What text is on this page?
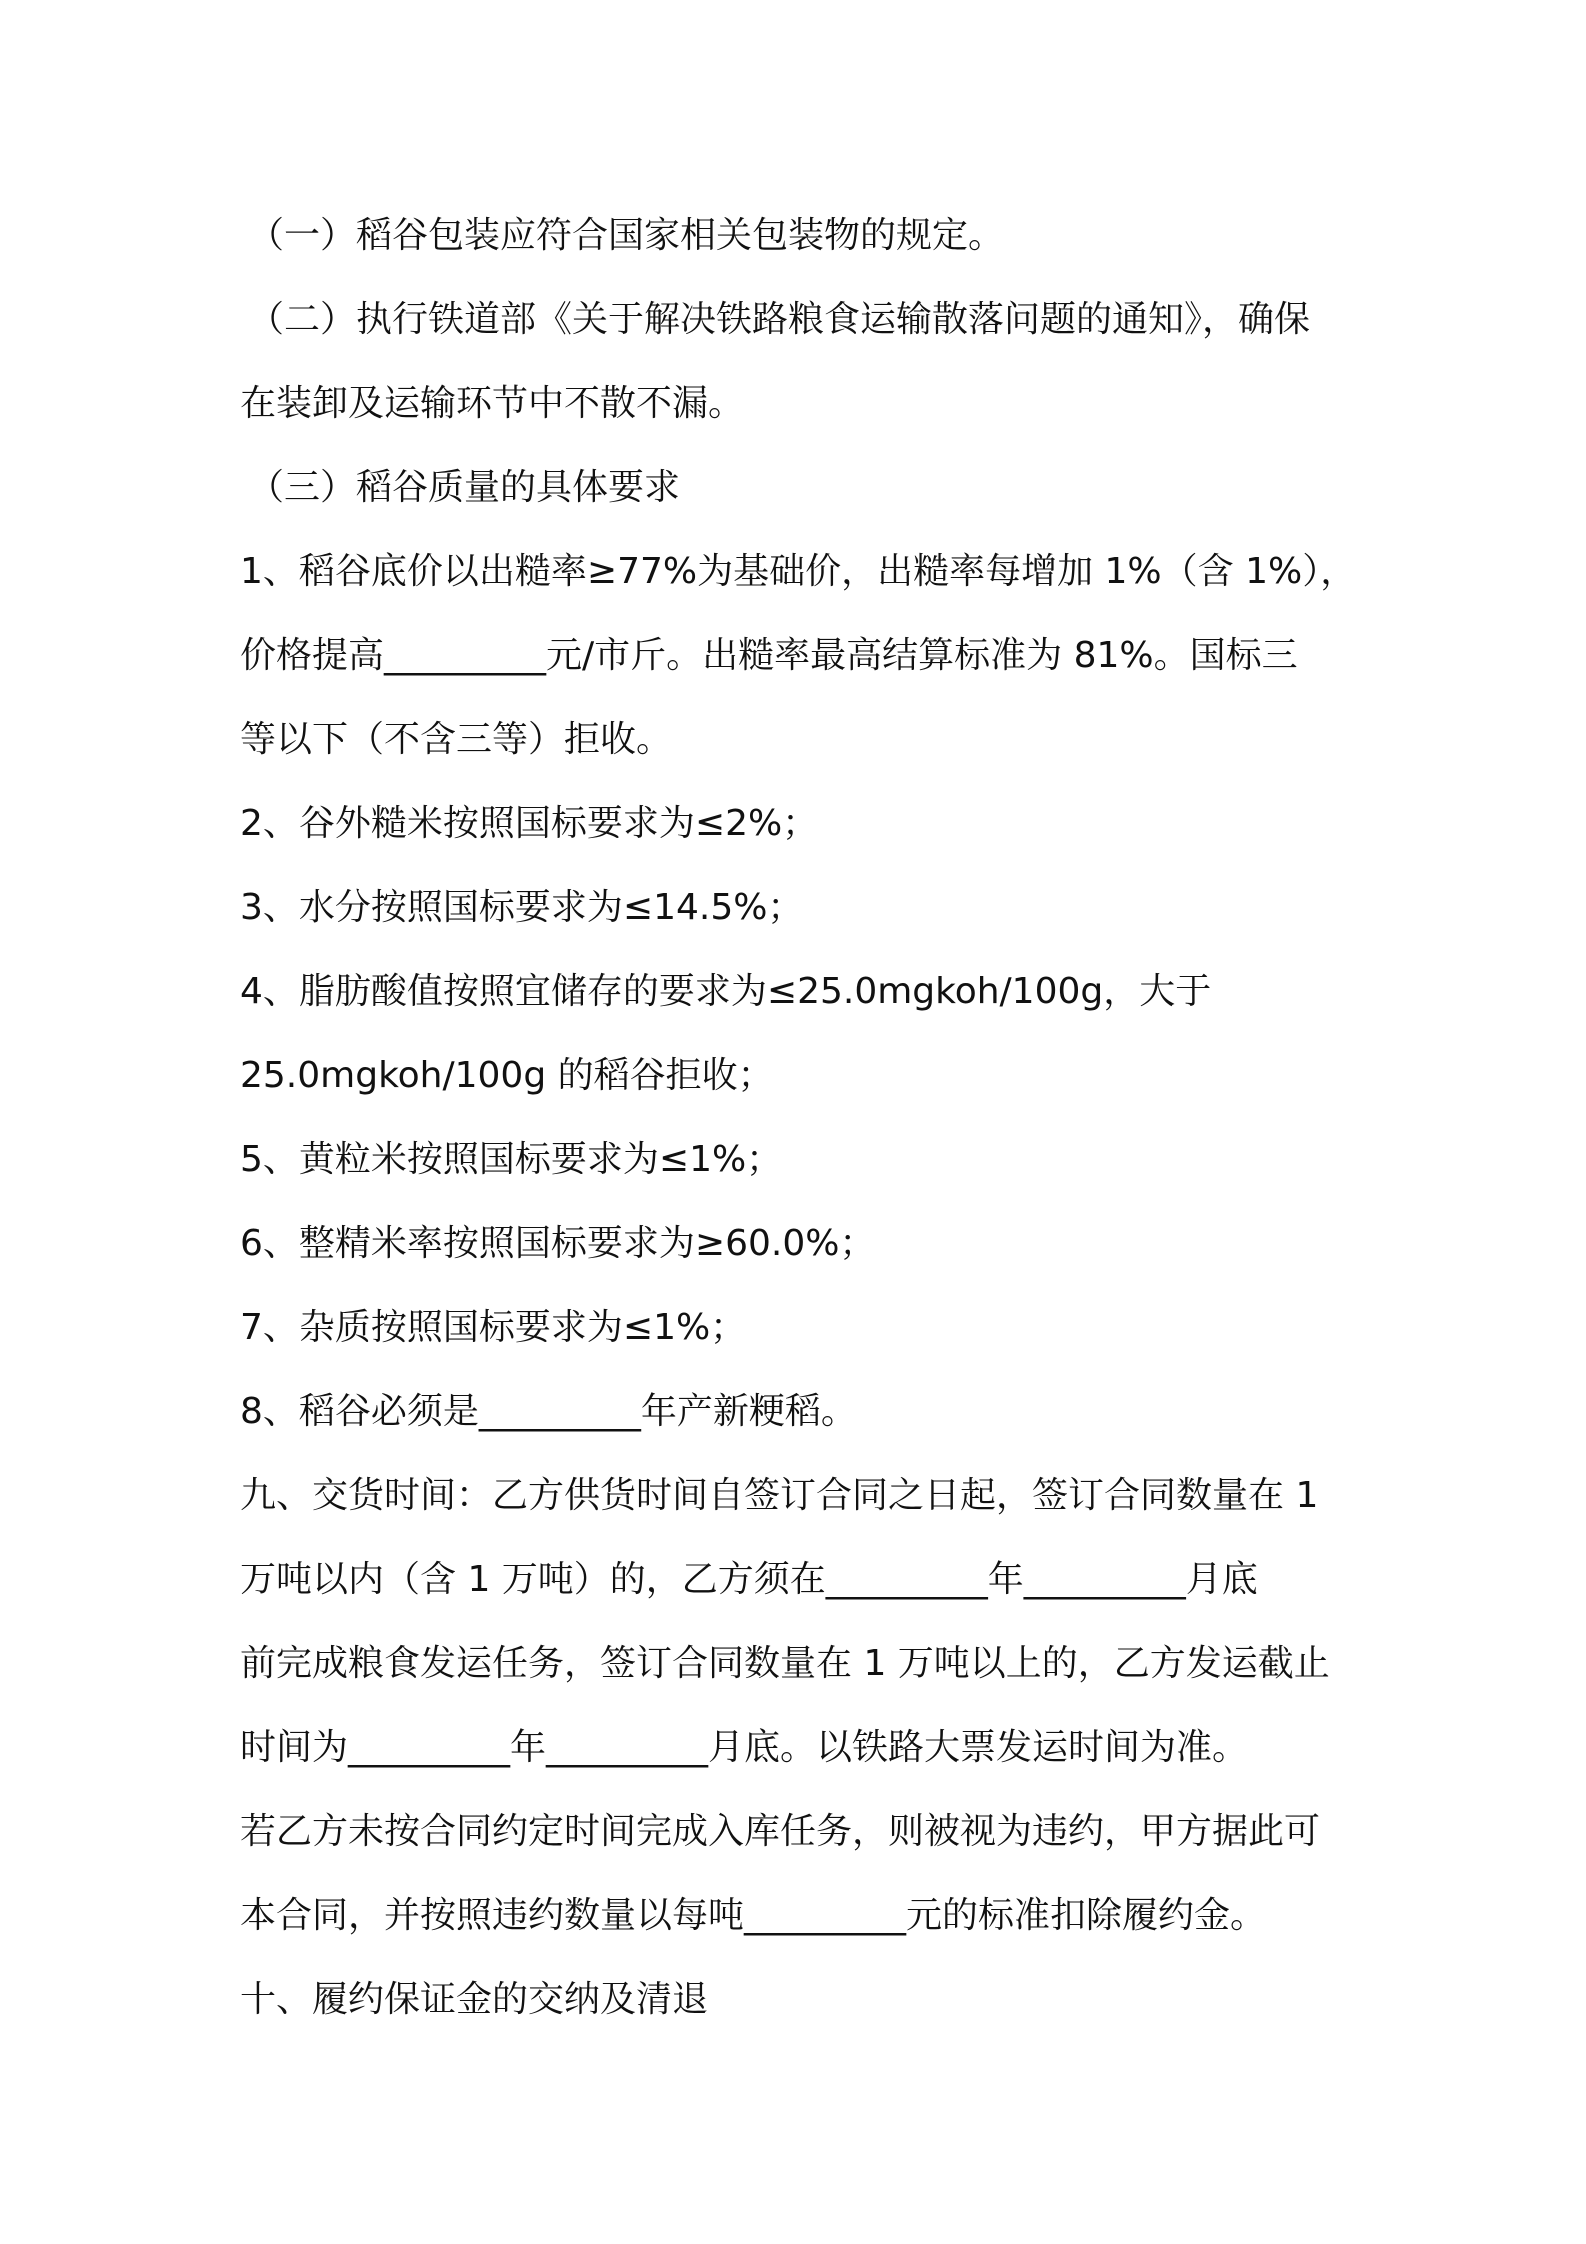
（一）稻谷包装应符合国家相关包装物的规定。

（二）执行铁道部《关于解决铁路粮食运输散落问题的通知》，确保

在装卸及运输环节中不散不漏。

（三）稻谷质量的具体要求

1、稻谷底价以出糙率≥77%为基础价，出糙率每增加 1%（含 1%），

价格提高_________元/市斤。出糙率最高结算标准为 81%。国标三

等以下（不含三等）拒收。

2、谷外糙米按照国标要求为≤2%；

3、水分按照国标要求为≤14.5%；

4、脂肪酸值按照宜储存的要求为≤25.0mgkoh/100g，大于

25.0mgkoh/100g 的稻谷拒收；

5、黄粒米按照国标要求为≤1%；

6、整精米率按照国标要求为≥60.0%；

7、杂质按照国标要求为≤1%；

8、稻谷必须是_________年产新粳稻。

九、交货时间：乙方供货时间自签订合同之日起，签订合同数量在 1

万吨以内（含 1 万吨）的，乙方须在_________年_________月底

前完成粮食发运任务，签订合同数量在 1 万吨以上的，乙方发运截止

时间为_________年_________月底。以铁路大票发运时间为准。

若乙方未按合同约定时间完成入库任务，则被视为违约，甲方据此可

本合同，并按照违约数量以每吨_________元的标准扣除履约金。

十、履约保证金的交纳及清退
